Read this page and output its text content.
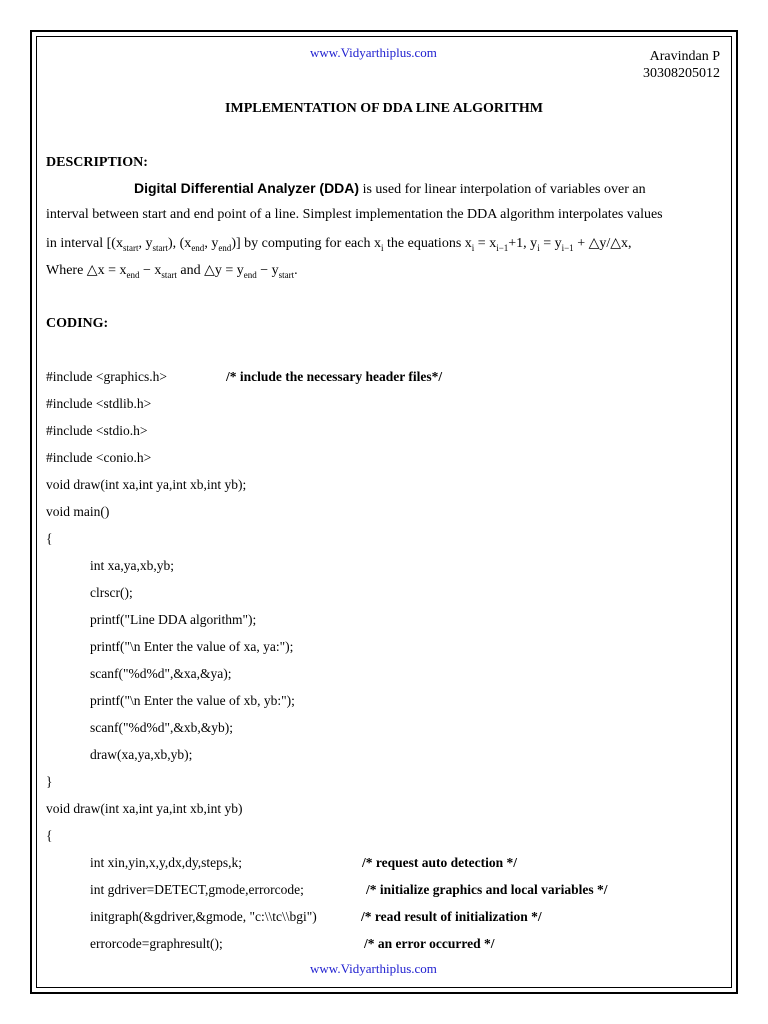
www.Vidyarthiplus.com	Aravindan P
30308205012
IMPLEMENTATION OF DDA LINE ALGORITHM
DESCRIPTION:
Digital Differential Analyzer (DDA) is used for linear interpolation of variables over an
interval between start and end point of a line. Simplest implementation the DDA algorithm interpolates values
in interval [($x_{start}$, $y_{start}$), ($x_{end}$, $y_{end}$)] by computing for each $x_i$ the equations $x_i = x_{i-1}+1$, $y_i = y_{i-1}$ + △y/△x,
Where △x = $x_{end} - x_{start}$ and △y = $y_{end} - y_{start}$.
CODING:
#include <graphics.h>	/* include the necessary header files*/
#include <stdlib.h>
#include <stdio.h>
#include <conio.h>
void draw(int xa,int ya,int xb,int yb);
void main()
{
int xa,ya,xb,yb;
clrscr();
printf("Line DDA algorithm");
printf("\n Enter the value of xa, ya:");
scanf("%d%d",&xa,&ya);
printf("\n Enter the value of xb, yb:");
scanf("%d%d",&xb,&yb);
draw(xa,ya,xb,yb);
}
void draw(int xa,int ya,int xb,int yb)
{
int xin,yin,x,y,dx,dy,steps,k;	/* request auto detection */
int gdriver=DETECT,gmode,errorcode;	/* initialize graphics and local variables */
initgraph(&gdriver,&gmode, "c:\\tc\\bgi")	/* read result of initialization */
errorcode=graphresult();	/* an error occurred */
www.Vidyarthiplus.com
